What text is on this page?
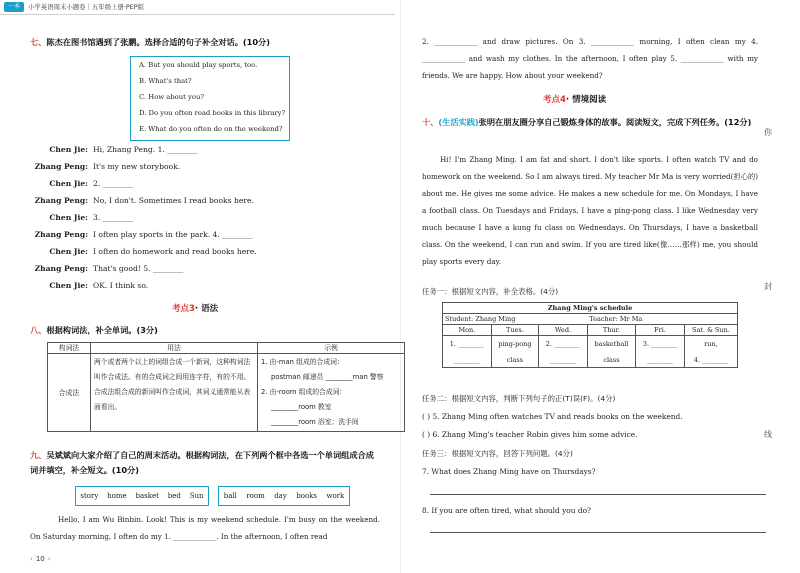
一本	小学英语周末小题卷｜五年级上册·PEP版
七、陈杰在图书馆遇到了张鹏。选择合适的句子补全对话。(10分)
A. But you should play sports, too.
B. What's that?
C. How about you?
D. Do you often read books in this library?
E. What do you often do on the weekend?
Chen Jie: Hi, Zhang Peng. 1. ________
Zhang Peng: It's my new storybook.
Chen Jie: 2. ________
Zhang Peng: No, I don't. Sometimes I read books here.
Chen Jie: 3. ________
Zhang Peng: I often play sports in the park. 4. ________
Chen Jie: I often do homework and read books here.
Zhang Peng: That's good! 5. ________
Chen Jie: OK. I think so.
考点3· 语法
八、根据构词法，补全单词。(3分)
构词法	用法	示例
合成法	两个或者两个以上的词组合成一个新词，这种构词法叫作合成法。有的合成词之间用连字符，有的不用。合成法组合成的新词叫作合成词，其词义通常能从表面看出。	1. 由-man 组成的合成词：
postman 邮递员 ________man 警察
2. 由-room 组成的合成词：
________room 教室
________room 浴室；洗手间
九、吴斌斌向大家介绍了自己的周末活动。根据构词法，在下列两个框中各选一个单词组成合成词并填空，补全短文。(10分)
story home basket bed Sun	ball room day books work
Hello, I am Wu Binbin. Look! This is my weekend schedule. I'm busy on the weekend. On Saturday morning, I often do my 1. ____________. In the afternoon, I often read
‹ 10 ›
2. ____________ and draw pictures. On 3. ____________ morning, I often clean my 4. ____________ and wash my clothes. In the afternoon, I often play 5. ____________ with my friends. We are happy. How about your weekend?
考点4· 情境阅读
十、(生活实践)张明在朋友圈分享自己锻炼身体的故事。阅读短文，完成下列任务。(12分)
Hi! I'm Zhang Ming. I am fat and short. I don't like sports. I often watch TV and do homework on the weekend. So I am always tired. My teacher Mr Ma is very worried(担心的) about me. He gives me some advice. He makes a new schedule for me. On Mondays, I have a football class. On Tuesdays and Fridays, I have a ping-pong class. I like Wednesday very much because I have a kung fu class on Wednesdays. On Thursdays, I have a basketball class. On the weekend, I can run and swim. If you are tired like(像……那样) me, you should play sports every day.
任务一：根据短文内容，补全表格。(4分)
Zhang Ming's schedule					
Student: Zhang Ming			Teacher: Mr Ma		
Mon.	Tues.	Wed.	Thur.	Fri.	Sat. & Sun.
1. ________	ping-pong	2. ________	basketball	3. ________	run,
________	class	________	class	________	4. ________
任务二：根据短文内容，判断下列句子的正(T)误(F)。(4分)
( ) 5. Zhang Ming often watches TV and reads books on the weekend.
( ) 6. Zhang Ming's teacher Robin gives him some advice.
任务三：根据短文内容，回答下列问题。(4分)
7. What does Zhang Ming have on Thursdays?
8. If you are often tired, what should you do?
你
封
线
